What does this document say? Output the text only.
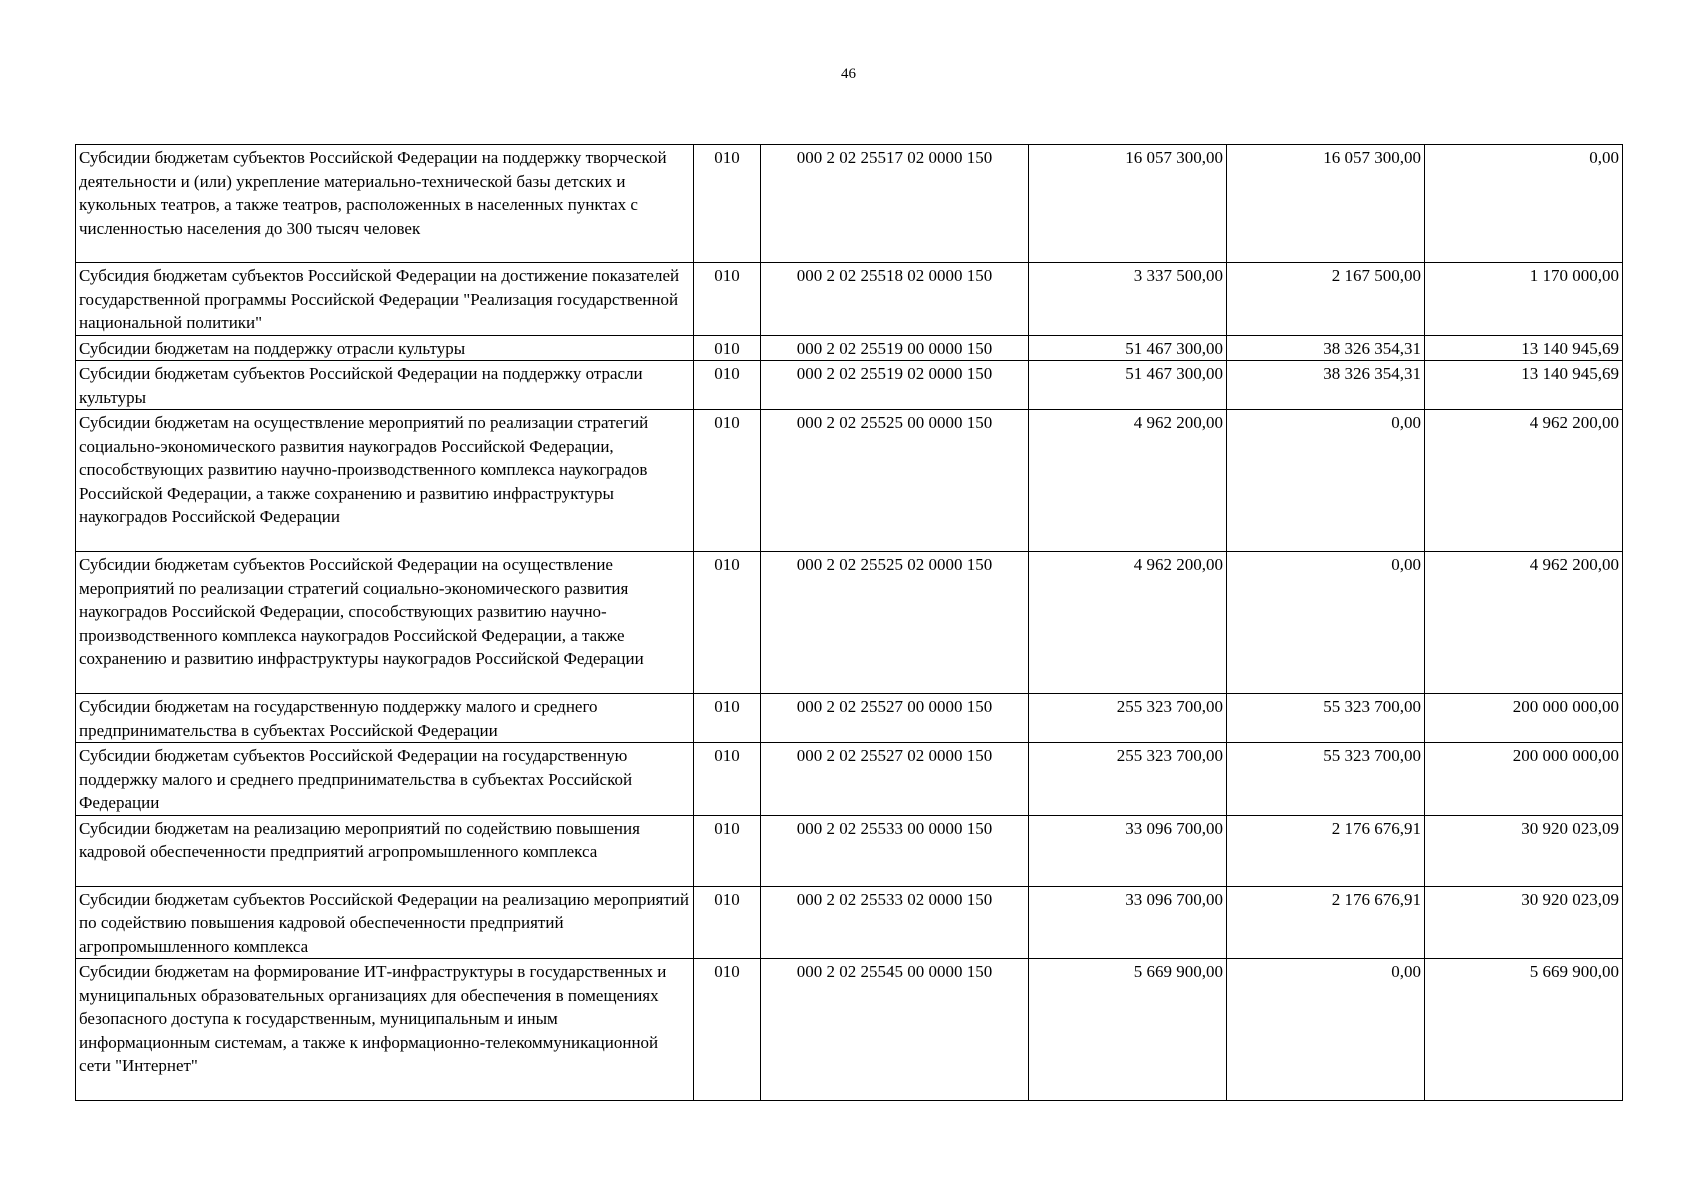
46
Субсидии бюджетам субъектов Российской Федерации на поддержку творческой деятельности и (или) укрепление материально-технической базы детских и кукольных театров, а также театров, расположенных в населенных пунктах с численностью населения до 300 тысяч человек	010	000 2 02 25517 02 0000 150	16 057 300,00	16 057 300,00	0,00
Субсидия бюджетам субъектов Российской Федерации на достижение показателей государственной программы Российской Федерации "Реализация государственной национальной политики"	010	000 2 02 25518 02 0000 150	3 337 500,00	2 167 500,00	1 170 000,00
Субсидии бюджетам на поддержку отрасли культуры	010	000 2 02 25519 00 0000 150	51 467 300,00	38 326 354,31	13 140 945,69
Субсидии бюджетам субъектов Российской Федерации на поддержку отрасли культуры	010	000 2 02 25519 02 0000 150	51 467 300,00	38 326 354,31	13 140 945,69
Субсидии бюджетам на осуществление мероприятий по реализации стратегий социально-экономического развития наукоградов Российской Федерации, способствующих развитию научно-производственного комплекса наукоградов Российской Федерации, а также сохранению и развитию инфраструктуры наукоградов Российской Федерации	010	000 2 02 25525 00 0000 150	4 962 200,00	0,00	4 962 200,00
Субсидии бюджетам субъектов Российской Федерации на осуществление мероприятий по реализации стратегий социально-экономического развития наукоградов Российской Федерации, способствующих развитию научно-производственного комплекса наукоградов Российской Федерации, а также сохранению и развитию инфраструктуры наукоградов Российской Федерации	010	000 2 02 25525 02 0000 150	4 962 200,00	0,00	4 962 200,00
Субсидии бюджетам на государственную поддержку малого и среднего предпринимательства в субъектах Российской Федерации	010	000 2 02 25527 00 0000 150	255 323 700,00	55 323 700,00	200 000 000,00
Субсидии бюджетам субъектов Российской Федерации на государственную поддержку малого и среднего предпринимательства в субъектах Российской Федерации	010	000 2 02 25527 02 0000 150	255 323 700,00	55 323 700,00	200 000 000,00
Субсидии бюджетам на реализацию мероприятий по содействию повышения кадровой обеспеченности предприятий агропромышленного комплекса	010	000 2 02 25533 00 0000 150	33 096 700,00	2 176 676,91	30 920 023,09
Субсидии бюджетам субъектов Российской Федерации на реализацию мероприятий по содействию повышения кадровой обеспеченности предприятий агропромышленного комплекса	010	000 2 02 25533 02 0000 150	33 096 700,00	2 176 676,91	30 920 023,09
Субсидии бюджетам на формирование ИТ-инфраструктуры в государственных и муниципальных образовательных организациях для обеспечения в помещениях безопасного доступа к государственным, муниципальным и иным информационным системам, а также к информационно-телекоммуникационной сети "Интернет"	010	000 2 02 25545 00 0000 150	5 669 900,00	0,00	5 669 900,00
